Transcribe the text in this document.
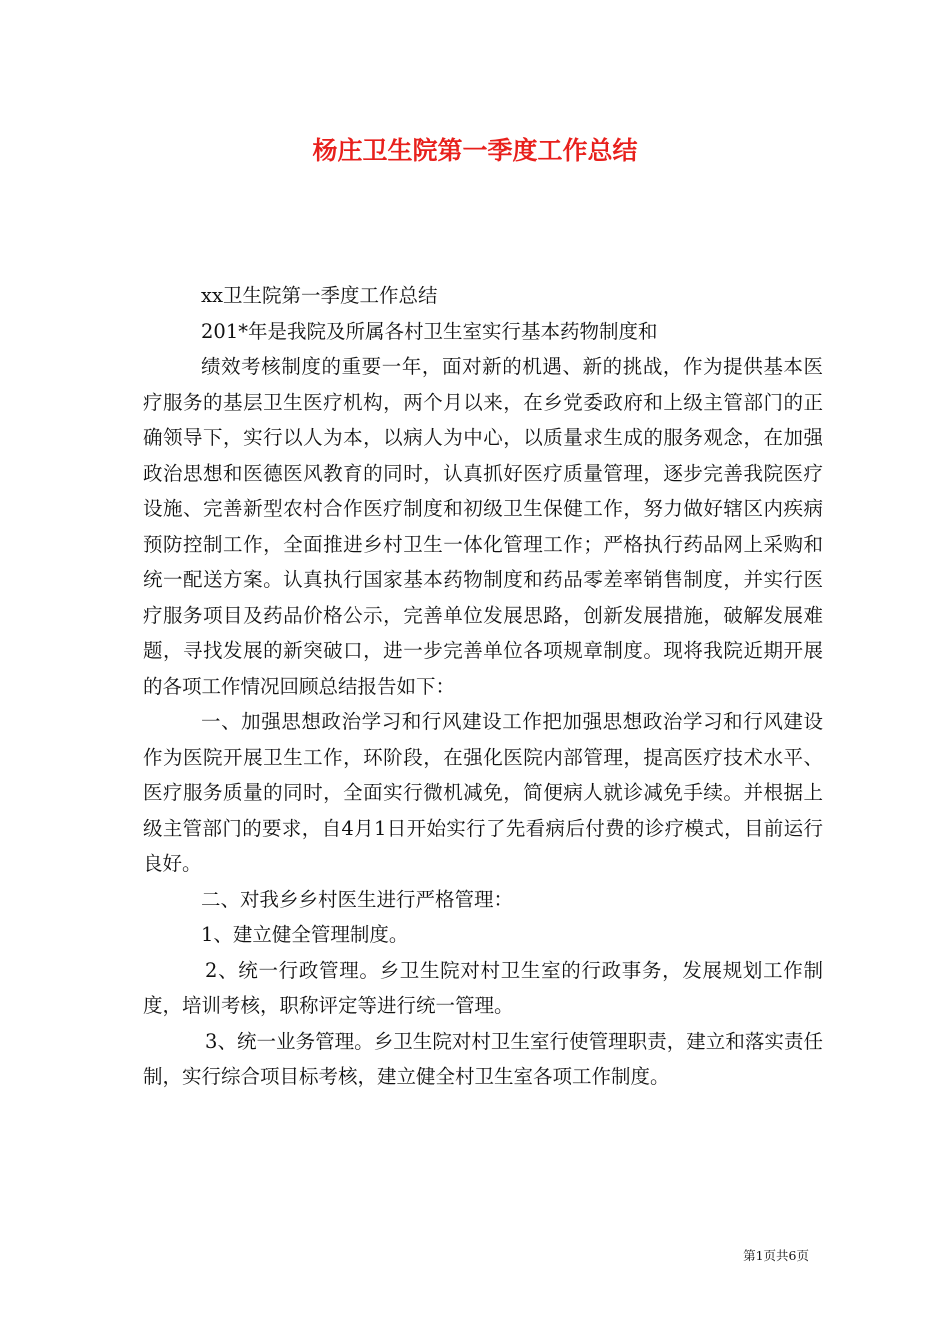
杨庄卫生院第一季度工作总结

xx卫生院第一季度工作总结

201*年是我院及所属各村卫生室实行基本药物制度和

绩效考核制度的重要一年，面对新的机遇、新的挑战，作为提供基本医疗服务的基层卫生医疗机构，两个月以来，在乡党委政府和上级主管部门的正确领导下，实行以人为本，以病人为中心，以质量求生成的服务观念，在加强政治思想和医德医风教育的同时，认真抓好医疗质量管理，逐步完善我院医疗设施、完善新型农村合作医疗制度和初级卫生保健工作，努力做好辖区内疾病预防控制工作，全面推进乡村卫生一体化管理工作；严格执行药品网上采购和统一配送方案。认真执行国家基本药物制度和药品零差率销售制度，并实行医疗服务项目及药品价格公示，完善单位发展思路，创新发展措施，破解发展难题，寻找发展的新突破口，进一步完善单位各项规章制度。现将我院近期开展的各项工作情况回顾总结报告如下：

一、加强思想政治学习和行风建设工作把加强思想政治学习和行风建设作为医院开展卫生工作，环阶段，在强化医院内部管理，提高医疗技术水平、医疗服务质量的同时，全面实行微机减免，简便病人就诊减免手续。并根据上级主管部门的要求，自4月1日开始实行了先看病后付费的诊疗模式，目前运行良好。

二、对我乡乡村医生进行严格管理：

1、建立健全管理制度。

2、统一行政管理。乡卫生院对村卫生室的行政事务，发展规划工作制度，培训考核，职称评定等进行统一管理。

3、统一业务管理。乡卫生院对村卫生室行使管理职责，建立和落实责任制，实行综合项目标考核，建立健全村卫生室各项工作制度。

第1页共6页
